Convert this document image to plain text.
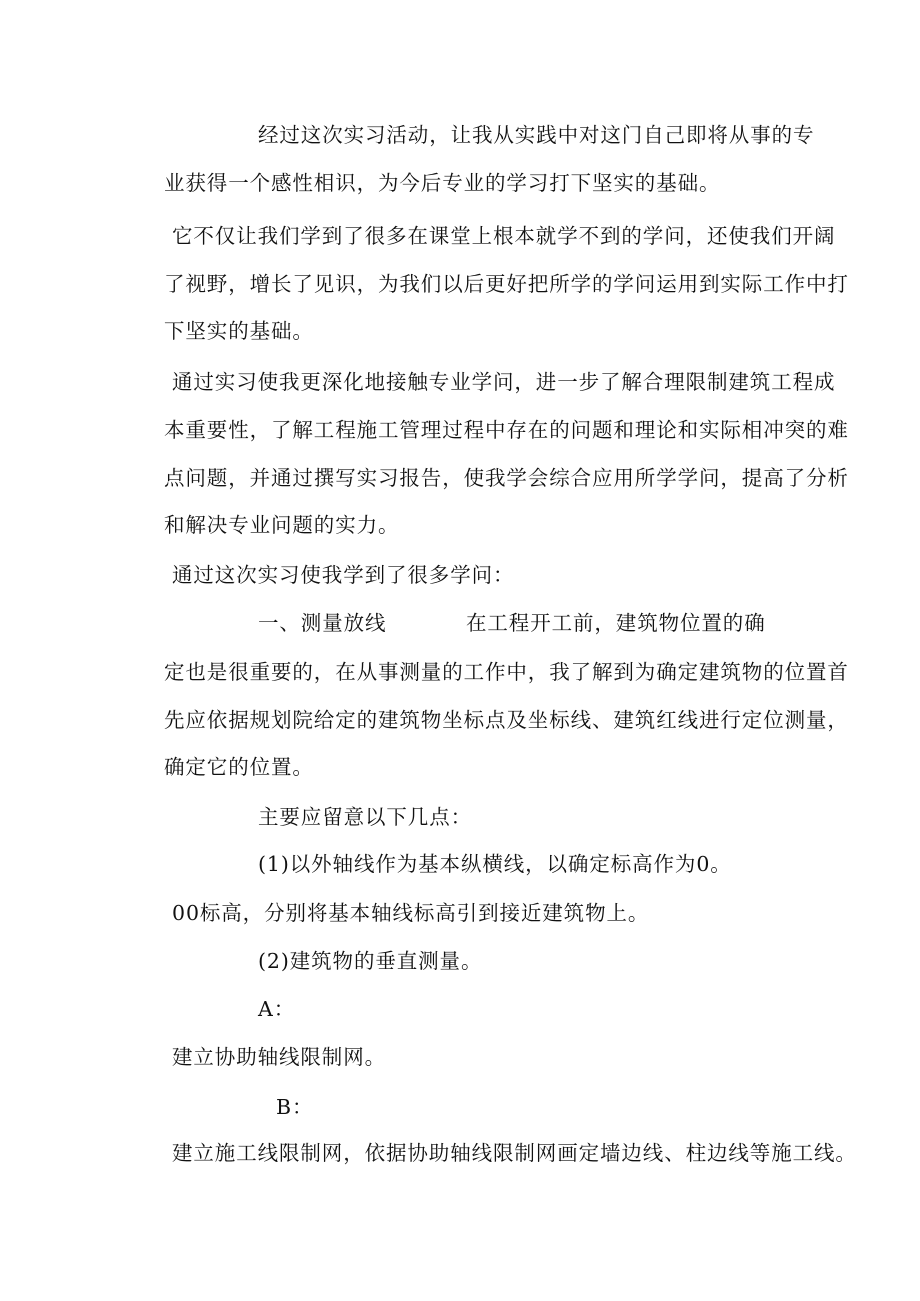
经过这次实习活动，让我从实践中对这门自己即将从事的专

业获得一个感性相识，为今后专业的学习打下坚实的基础。

它不仅让我们学到了很多在课堂上根本就学不到的学问，还使我们开阔

了视野，增长了见识，为我们以后更好把所学的学问运用到实际工作中打

下坚实的基础。

通过实习使我更深化地接触专业学问，进一步了解合理限制建筑工程成

本重要性，了解工程施工管理过程中存在的问题和理论和实际相冲突的难

点问题，并通过撰写实习报告，使我学会综合应用所学学问，提高了分析

和解决专业问题的实力。

通过这次实习使我学到了很多学问：

一、测量放线	在工程开工前，建筑物位置的确

定也是很重要的，在从事测量的工作中，我了解到为确定建筑物的位置首

先应依据规划院给定的建筑物坐标点及坐标线、建筑红线进行定位测量，

确定它的位置。

主要应留意以下几点：

(1)以外轴线作为基本纵横线，以确定标高作为0。

00标高，分别将基本轴线标高引到接近建筑物上。

(2)建筑物的垂直测量。

A：

建立协助轴线限制网。

B：

建立施工线限制网，依据协助轴线限制网画定墙边线、柱边线等施工线。
